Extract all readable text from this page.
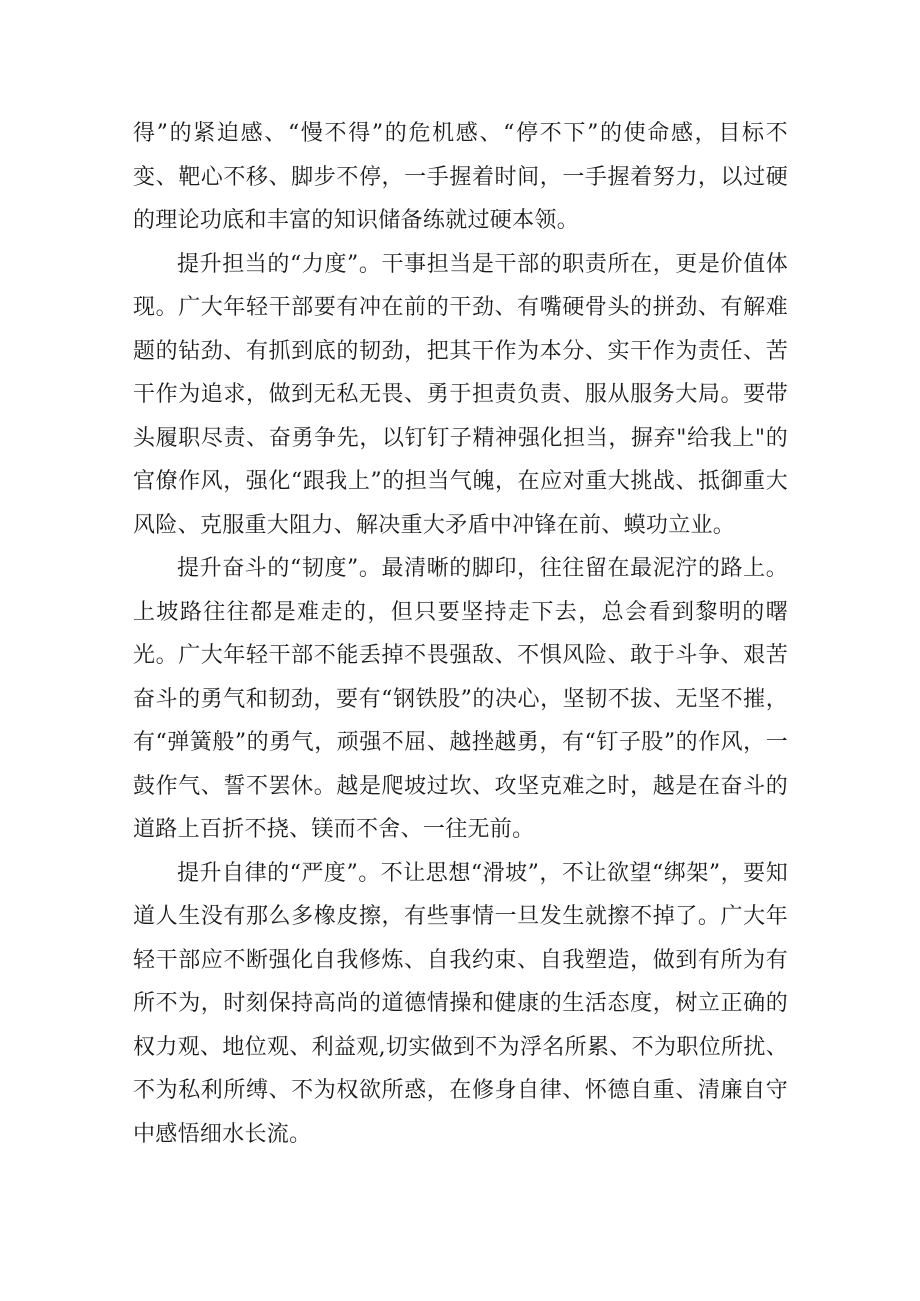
得”的紧迫感、“慢不得”的危机感、“停不下”的使命感，目标不变、靶心不移、脚步不停，一手握着时间，一手握着努力，以过硬的理论功底和丰富的知识储备练就过硬本领。

提升担当的“力度”。干事担当是干部的职责所在，更是价值体现。广大年轻干部要有冲在前的干劲、有嘴硬骨头的拼劲、有解难题的钻劲、有抓到底的韧劲，把其干作为本分、实干作为责任、苦干作为追求，做到无私无畏、勇于担责负责、服从服务大局。要带头履职尽责、奋勇争先，以钉钉子精神强化担当，摒弃"给我上"的官僚作风，强化“跟我上”的担当气魄，在应对重大挑战、抵御重大风险、克服重大阻力、解决重大矛盾中冲锋在前、蟆功立业。

提升奋斗的“韧度”。最清晰的脚印，往往留在最泥泞的路上。上坡路往往都是难走的，但只要坚持走下去，总会看到黎明的曙光。广大年轻干部不能丢掉不畏强敌、不惧风险、敢于斗争、艰苦奋斗的勇气和韧劲，要有“钢铁股”的决心，坚韧不拔、无坚不摧，有“弹簧般”的勇气，顽强不屈、越挫越勇，有“钉子股”的作风，一鼓作气、誓不罢休。越是爬坡过坎、攻坚克难之时，越是在奋斗的道路上百折不挠、镁而不舍、一往无前。

提升自律的“严度”。不让思想“滑坡”，不让欲望“绑架”，要知道人生没有那么多橡皮擦，有些事情一旦发生就擦不掉了。广大年轻干部应不断强化自我修炼、自我约束、自我塑造，做到有所为有所不为，时刻保持高尚的道德情操和健康的生活态度，树立正确的权力观、地位观、利益观,切实做到不为浮名所累、不为职位所扰、不为私利所缚、不为权欲所惑，在修身自律、怀德自重、清廉自守中感悟细水长流。
